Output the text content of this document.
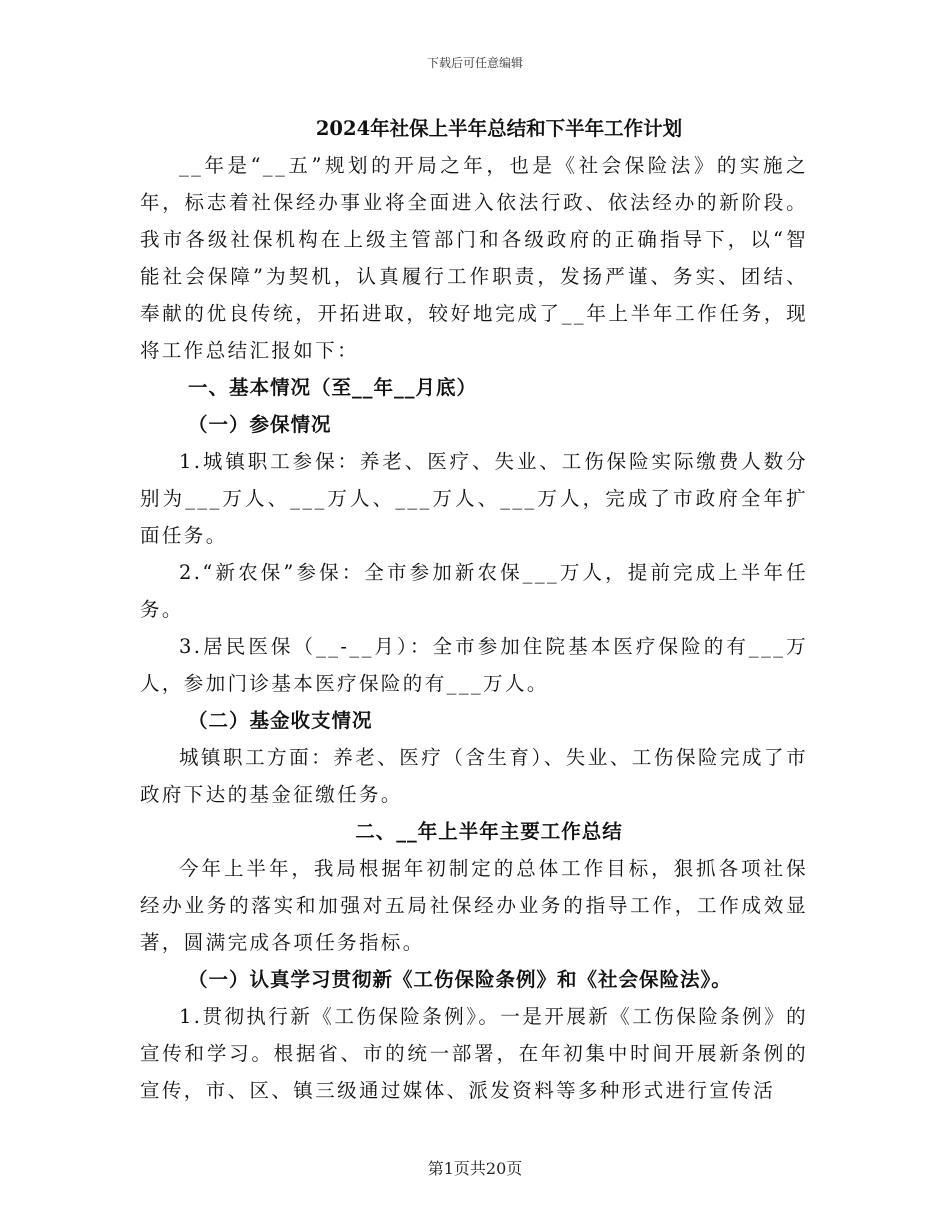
下载后可任意编辑

2024年社保上半年总结和下半年工作计划

__年是“__五”规划的开局之年，也是《社会保险法》的实施之年，标志着社保经办事业将全面进入依法行政、依法经办的新阶段。我市各级社保机构在上级主管部门和各级政府的正确指导下，以“智能社会保障”为契机，认真履行工作职责，发扬严谨、务实、团结、奉献的优良传统，开拓进取，较好地完成了__年上半年工作任务，现将工作总结汇报如下：

一、基本情况（至__年__月底）

（一）参保情况

1.城镇职工参保：养老、医疗、失业、工伤保险实际缴费人数分别为___万人、___万人、___万人、___万人，完成了市政府全年扩面任务。

2.“新农保”参保：全市参加新农保___万人，提前完成上半年任务。

3.居民医保（__-__月）：全市参加住院基本医疗保险的有___万人，参加门诊基本医疗保险的有___万人。

（二）基金收支情况

城镇职工方面：养老、医疗（含生育）、失业、工伤保险完成了市政府下达的基金征缴任务。

二、__年上半年主要工作总结

今年上半年，我局根据年初制定的总体工作目标，狠抓各项社保经办业务的落实和加强对五局社保经办业务的指导工作，工作成效显著，圆满完成各项任务指标。

（一）认真学习贯彻新《工伤保险条例》和《社会保险法》。

1.贯彻执行新《工伤保险条例》。一是开展新《工伤保险条例》的宣传和学习。根据省、市的统一部署，在年初集中时间开展新条例的宣传，市、区、镇三级通过媒体、派发资料等多种形式进行宣传活

第1页共20页
